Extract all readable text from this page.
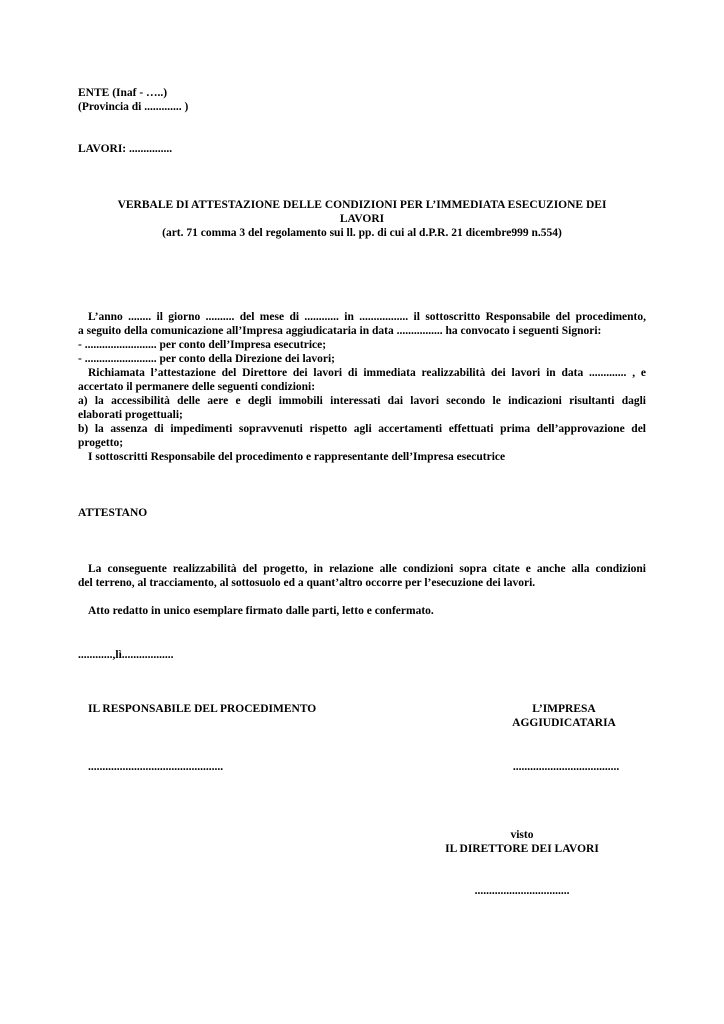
ENTE (Inaf - …..)
(Provincia di ............. )
LAVORI: ...............
VERBALE DI ATTESTAZIONE DELLE CONDIZIONI PER L’IMMEDIATA ESECUZIONE DEI
LAVORI
(art. 71 comma 3 del regolamento sui ll. pp. di cui al d.P.R. 21 dicembre999 n.554)
L’anno ........ il giorno .......... del mese di ............ in ................. il sottoscritto Responsabile del procedimento,
a seguito della comunicazione all’Impresa aggiudicataria in data ................ ha convocato i seguenti Signori:
- ......................... per conto dell’Impresa esecutrice;
- ......................... per conto della Direzione dei lavori;
Richiamata l’attestazione del Direttore dei lavori di immediata realizzabilità dei lavori in data ............. , e
accertato il permanere delle seguenti condizioni:
a) la accessibilità delle aere e degli immobili interessati dai lavori secondo le indicazioni risultanti dagli
elaborati progettuali;
b) la assenza di impedimenti sopravvenuti rispetto agli accertamenti effettuati prima dell’approvazione del
progetto;
I sottoscritti Responsabile del procedimento e rappresentante dell’Impresa esecutrice
ATTESTANO
La conseguente realizzabilità del progetto, in relazione alle condizioni sopra citate e anche alla condizioni
del terreno, al tracciamento, al sottosuolo ed a quant’altro occorre per l’esecuzione dei lavori.
Atto redatto in unico esemplare firmato dalle parti, letto e confermato.
............,lì..................
IL RESPONSABILE DEL PROCEDIMENTO
...............................................
L’IMPRESA
AGGIUDICATARIA
.....................................
visto
IL DIRETTORE DEI LAVORI
.................................
